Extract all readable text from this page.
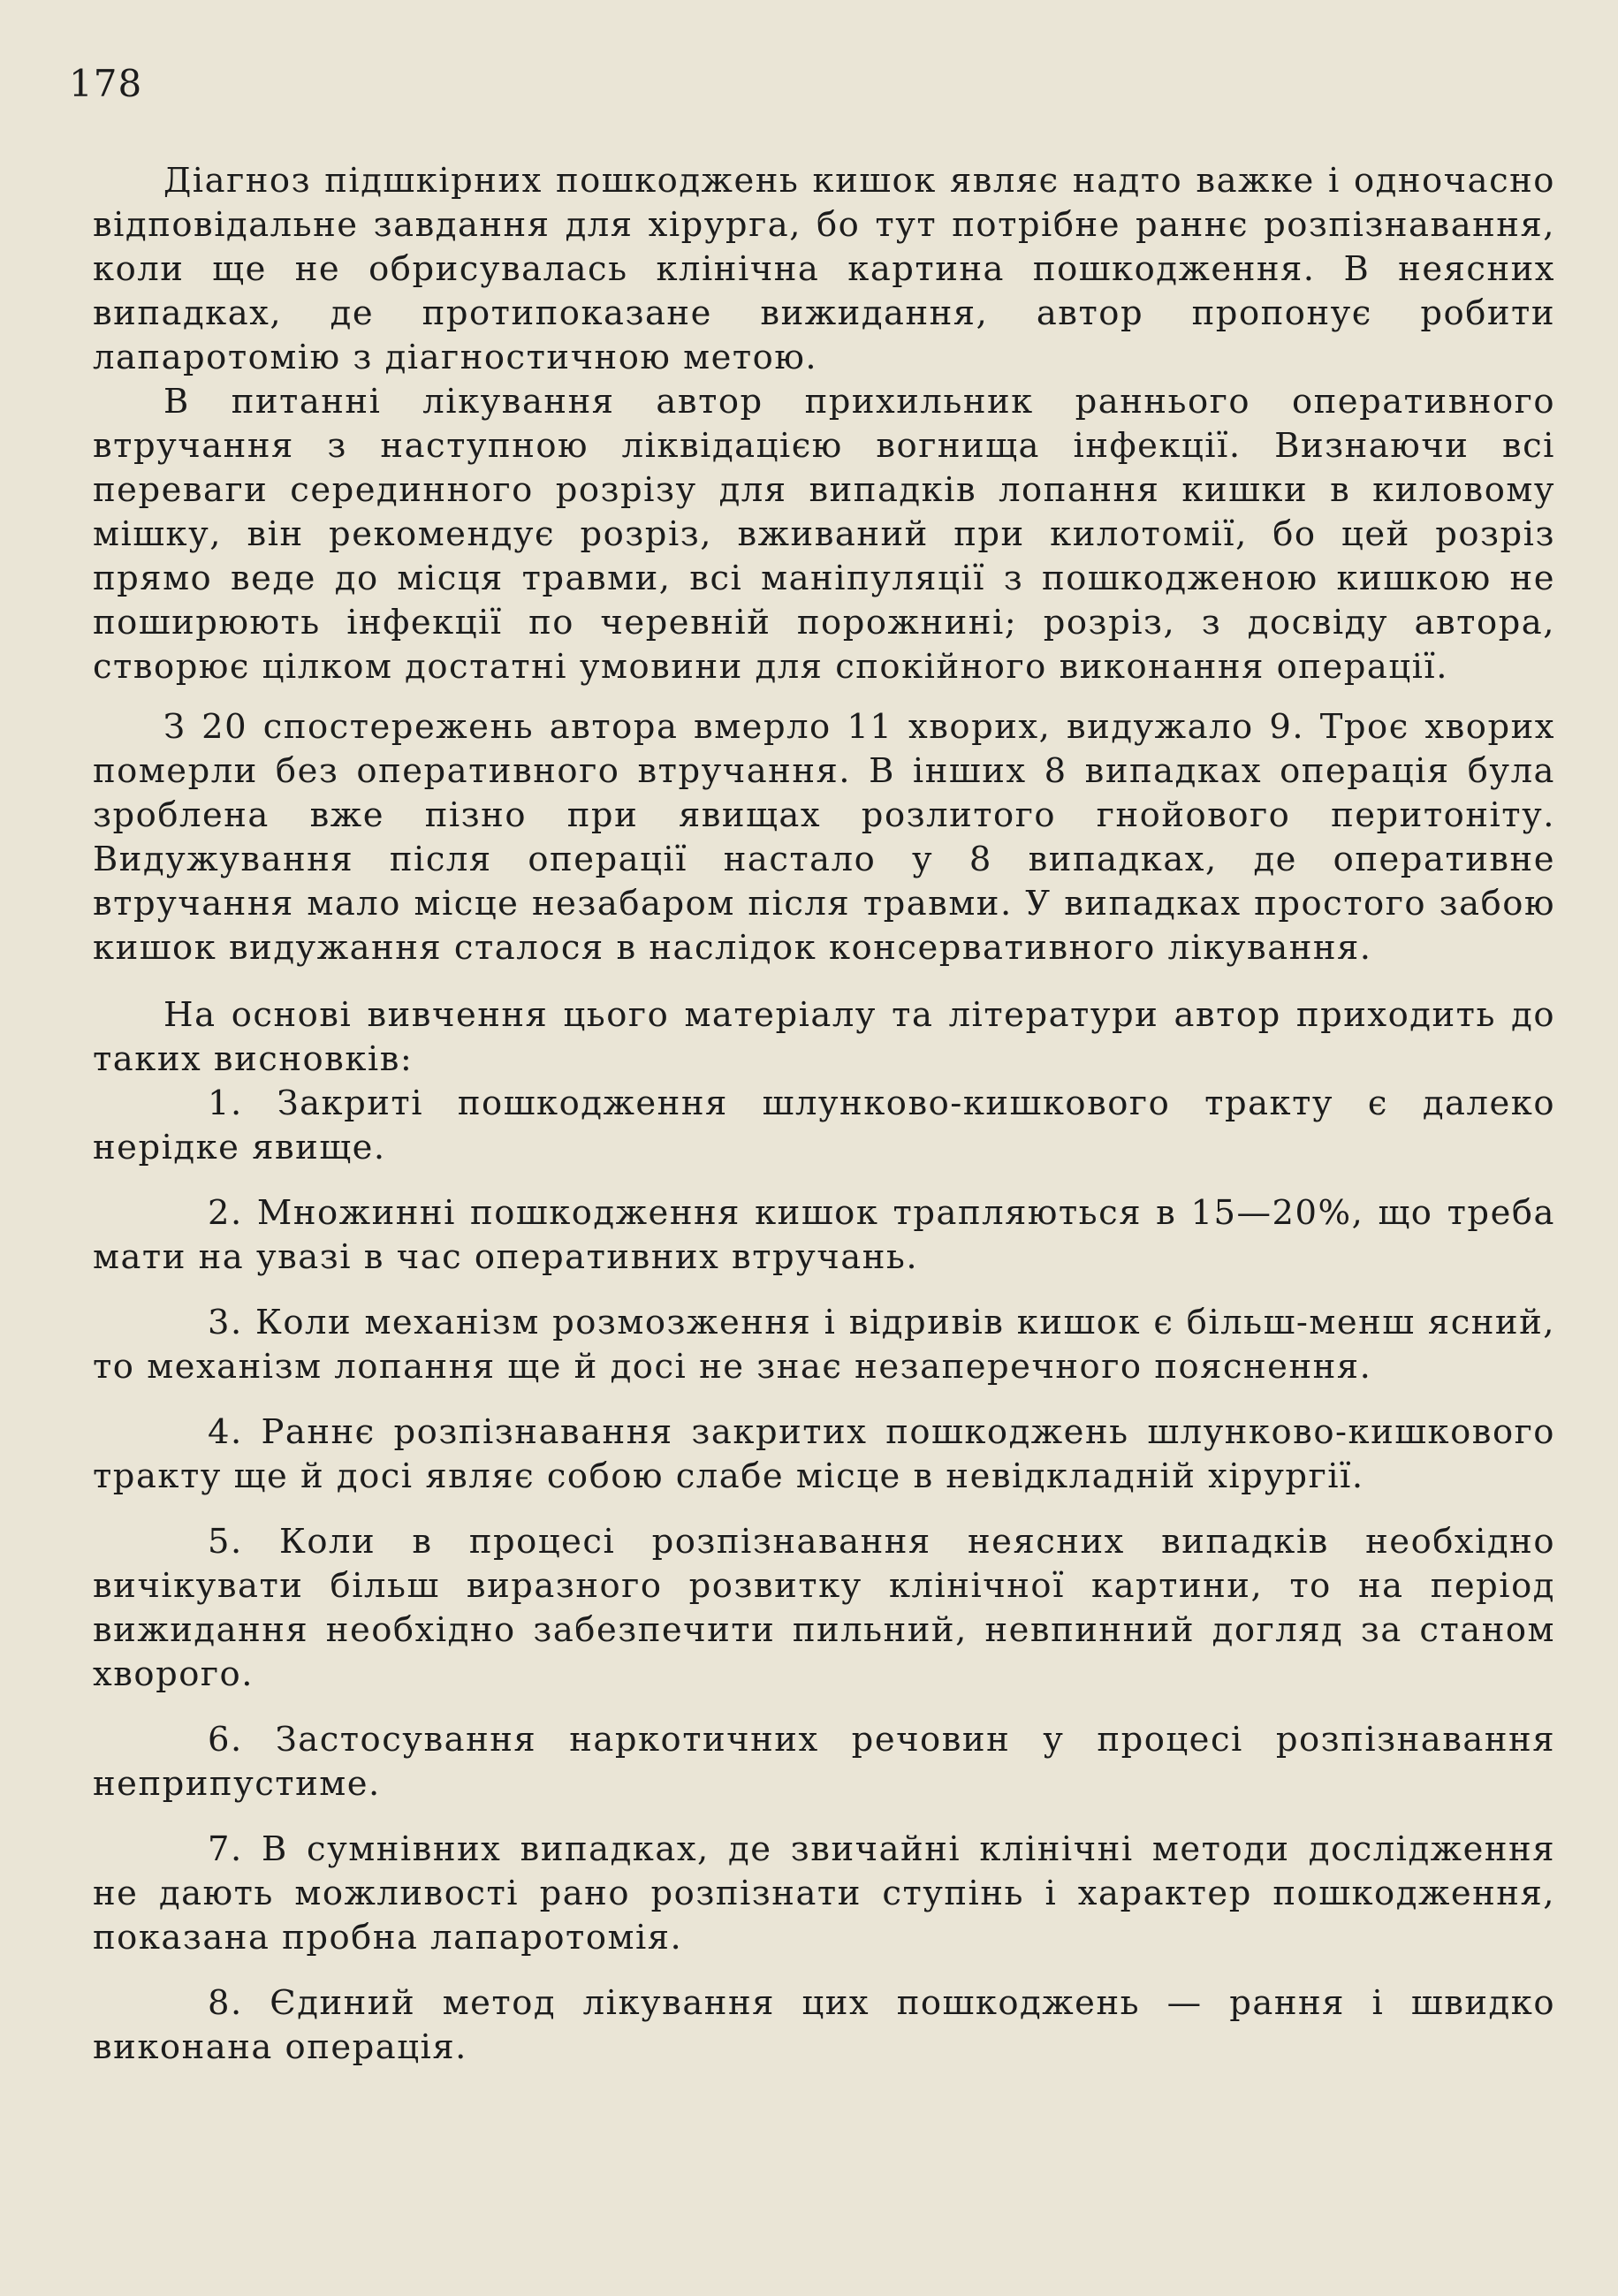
178

Діагноз підшкірних пошкоджень кишок являє надто важке і одночасно відповідальне завдання для хірурга, бо тут потрібне раннє розпізнавання, коли ще не обрисувалась клінічна картина пошкодження. В неясних випадках, де протипоказане вижидання, автор пропонує робити лапаротомію з діагностичною метою.

В питанні лікування автор прихильник раннього оперативного втручання з наступною ліквідацією вогнища інфекції. Визнаючи всі переваги серединного розрізу для випадків лопання кишки в киловому мішку, він рекомендує розріз, вживаний при килотомії, бо цей розріз прямо веде до місця травми, всі маніпуляції з пошкодженою кишкою не поширюють інфекції по черевній порожнині; розріз, з досвіду автора, створює цілком достатні умовини для спокійного виконання операції.

З 20 спостережень автора вмерло 11 хворих, видужало 9. Троє хворих померли без оперативного втручання. В інших 8 випадках операція була зроблена вже пізно при явищах розлитого гнойового перитоніту. Видужування після операції настало у 8 випадках, де оперативне втручання мало місце незабаром після травми. У випадках простого забою кишок видужання сталося в наслідок консервативного лікування.

На основі вивчення цього матеріалу та літератури автор приходить до таких висновків:

1. Закриті пошкодження шлунково-кишкового тракту є далеко нерідке явище.

2. Множинні пошкодження кишок трапляються в 15—20%, що треба мати на увазі в час оперативних втручань.

3. Коли механізм розмозження і відривів кишок є більш-менш ясний, то механізм лопання ще й досі не знає незаперечного пояснення.

4. Раннє розпізнавання закритих пошкоджень шлунково-кишкового тракту ще й досі являє собою слабе місце в невідкладній хірургії.

5. Коли в процесі розпізнавання неясних випадків необхідно вичікувати більш виразного розвитку клінічної картини, то на період вижидання необхідно забезпечити пильний, невпинний догляд за станом хворого.

6. Застосування наркотичних речовин у процесі розпізнавання неприпустиме.

7. В сумнівних випадках, де звичайні клінічні методи дослідження не дають можливості рано розпізнати ступінь і характер пошкодження, показана пробна лапаротомія.

8. Єдиний метод лікування цих пошкоджень — рання і швидко виконана операція.
